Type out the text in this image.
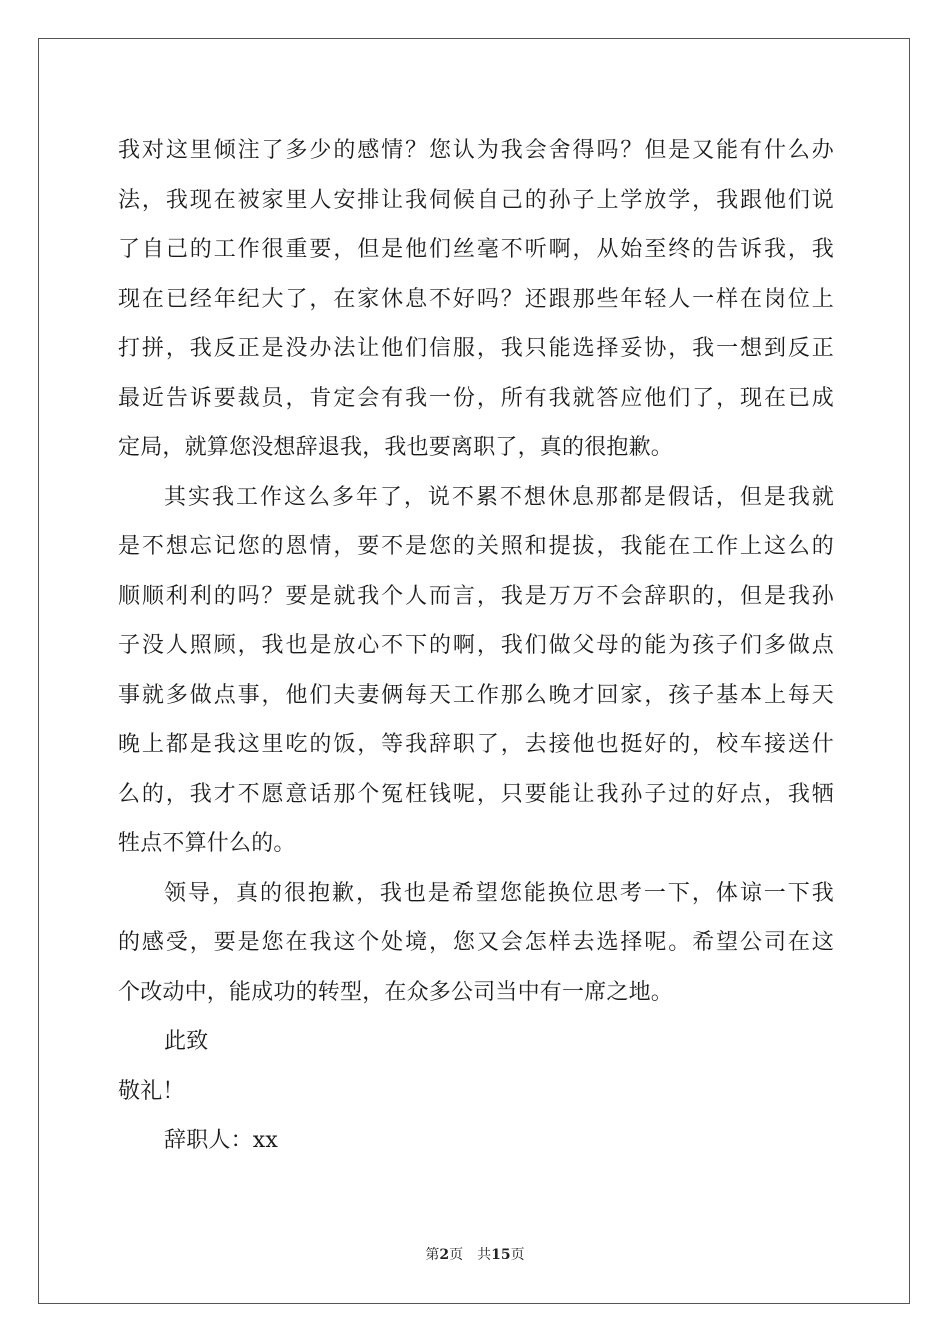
我对这里倾注了多少的感情？您认为我会舍得吗？但是又能有什么办
法，我现在被家里人安排让我伺候自己的孙子上学放学，我跟他们说
了自己的工作很重要，但是他们丝毫不听啊，从始至终的告诉我，我
现在已经年纪大了，在家休息不好吗？还跟那些年轻人一样在岗位上
打拼，我反正是没办法让他们信服，我只能选择妥协，我一想到反正
最近告诉要裁员，肯定会有我一份，所有我就答应他们了，现在已成
定局，就算您没想辞退我，我也要离职了，真的很抱歉。
其实我工作这么多年了，说不累不想休息那都是假话，但是我就
是不想忘记您的恩情，要不是您的关照和提拔，我能在工作上这么的
顺顺利利的吗？要是就我个人而言，我是万万不会辞职的，但是我孙
子没人照顾，我也是放心不下的啊，我们做父母的能为孩子们多做点
事就多做点事，他们夫妻俩每天工作那么晚才回家，孩子基本上每天
晚上都是我这里吃的饭，等我辞职了，去接他也挺好的，校车接送什
么的，我才不愿意话那个冤枉钱呢，只要能让我孙子过的好点，我牺
牲点不算什么的。
领导，真的很抱歉，我也是希望您能换位思考一下，体谅一下我
的感受，要是您在我这个处境，您又会怎样去选择呢。希望公司在这
个改动中，能成功的转型，在众多公司当中有一席之地。
此致
敬礼！
辞职人：xx
第2页　共15页
